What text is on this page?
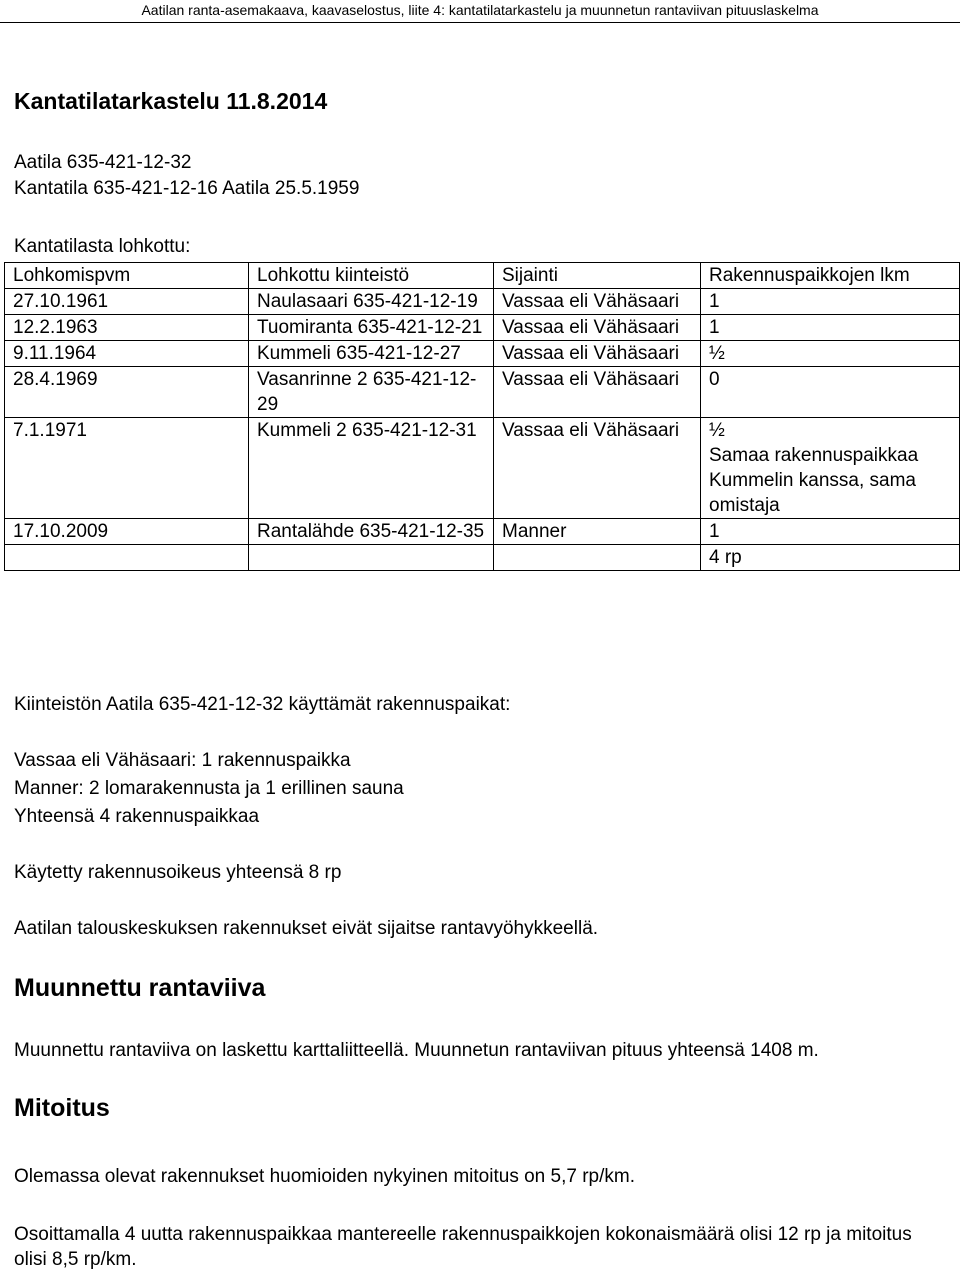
Aatilan ranta-asemakaava, kaavaselostus, liite 4: kantatilatarkastelu ja muunnetun rantaviivan pituuslaskelma
Kantatilatarkastelu 11.8.2014
Aatila 635-421-12-32
Kantatila 635-421-12-16 Aatila 25.5.1959
Kantatilasta lohkottu:
Lohkomispvm	Lohkottu kiinteistö	Sijainti	Rakennuspaikkojen lkm
27.10.1961	Naulasaari 635-421-12-19	Vassaa eli Vähäsaari	1
12.2.1963	Tuomiranta 635-421-12-21	Vassaa eli Vähäsaari	1
9.11.1964	Kummeli 635-421-12-27	Vassaa eli Vähäsaari	½
28.4.1969	Vasanrinne 2 635-421-12-29	Vassaa eli Vähäsaari	0
7.1.1971	Kummeli 2 635-421-12-31	Vassaa eli Vähäsaari	½
Samaa rakennuspaikkaa Kummelin kanssa, sama omistaja

17.10.2009	Rantalähde 635-421-12-35	Manner	1
			4 rp
Kiinteistön Aatila 635-421-12-32 käyttämät rakennuspaikat:
Vassaa eli Vähäsaari: 1 rakennuspaikka
Manner: 2 lomarakennusta ja 1 erillinen sauna
Yhteensä 4 rakennuspaikkaa
Käytetty rakennusoikeus yhteensä 8 rp
Aatilan talouskeskuksen rakennukset eivät sijaitse rantavyöhykkeellä.
Muunnettu rantaviiva
Muunnettu rantaviiva on laskettu karttaliitteellä. Muunnetun rantaviivan pituus yhteensä 1408 m.
Mitoitus
Olemassa olevat rakennukset huomioiden nykyinen mitoitus on 5,7 rp/km.
Osoittamalla 4 uutta rakennuspaikkaa mantereelle rakennuspaikkojen kokonaismäärä olisi 12 rp ja mitoitus olisi 8,5 rp/km.
